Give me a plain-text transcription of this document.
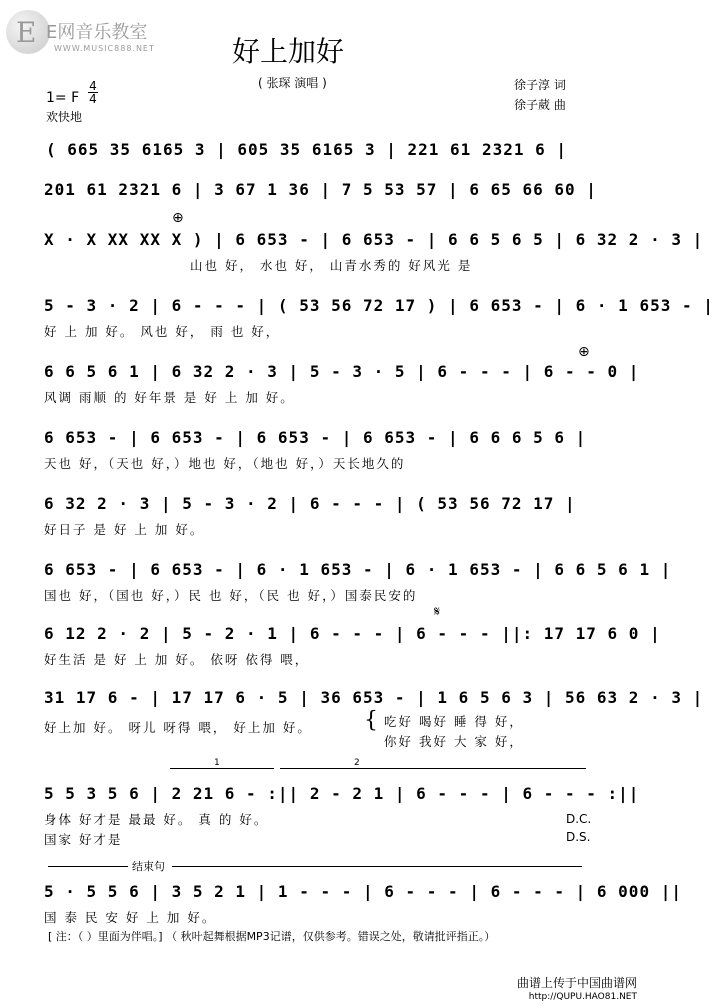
E E网音乐教室
WWW.MUSIC888.NET	好上加好
( 张琛 演唱 )
1= F
4
4
欢快地
徐子淳 词
徐子葳 曲
( 665 35 6165 3 | 605 35 6165 3 | 221 61 2321 6 |
201 61 2321 6 | 3 67 1 36 | 7 5 53 57 | 6 65 66 60 |
⊕
X · X XX XX X ) | 6 653 - | 6 653 - | 6 6 5 6 5 | 6 32 2 · 3 |
山也 好， 水也 好， 山青水秀的 好风光 是
5 - 3 · 2 | 6 - - - | ( 53 56 72 17 ) | 6 653 - | 6 · 1 653 - |
好 上 加 好。 风也 好， 雨 也 好，
⊕
6 6 5 6 1 | 6 32 2 · 3 | 5 - 3 · 5 | 6 - - - | 6 - - 0 |
风调 雨顺 的 好年景 是 好 上 加 好。
6 653 - | 6 653 - | 6 653 - | 6 653 - | 6 6 6 5 6 |
天也 好，（天也 好，）地也 好，（地也 好，）天长地久的
6 32 2 · 3 | 5 - 3 · 2 | 6 - - - | ( 53 56 72 17 |
好日子 是 好 上 加 好。
6 653 - | 6 653 - | 6 · 1 653 - | 6 · 1 653 - | 6 6 5 6 1 |
国也 好，（国也 好，）民 也 好，（民 也 好，）国泰民安的
𝄋
6 12 2 · 2 | 5 - 2 · 1 | 6 - - - | 6 - - - ||: 17 17 6 0 |
好生活 是 好 上 加 好。 依呀 依得 喂，
31 17 6 - | 17 17 6 · 5 | 36 653 - | 1 6 5 6 3 | 56 63 2 · 3 |
好上加 好。 呀儿 呀得 喂， 好上加 好。 { 吃好 喝好 睡 得 好，
你好 我好 大 家 好，
1	2
5 5 3 5 6 | 2 21 6 - :|| 2 - 2 1 | 6 - - - | 6 - - - :||
身体 好才是 最最 好。 真 的 好。
国家 好才是
D.C.
D.S.
结束句
5 · 5 5 6 | 3 5 2 1 | 1 - - - | 6 - - - | 6 - - - | 6 000 ||
国 泰 民 安 好 上 加 好。
[ 注：（ ）里面为伴唱。] （ 秋叶起舞根据MP3记谱，仅供参考。错误之处，敬请批评指正。）
曲谱上传于中国曲谱网
http://QUPU.HAO81.NET
